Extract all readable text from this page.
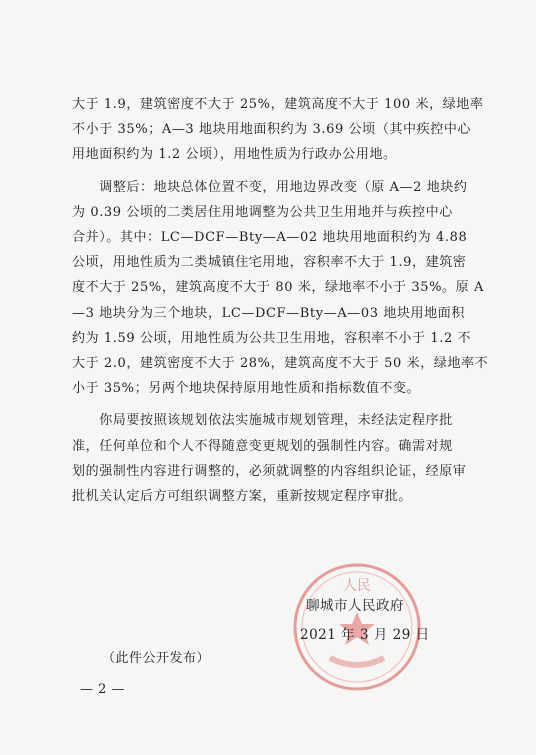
大于 1.9，建筑密度不大于 25%，建筑高度不大于 100 米，绿地率

不小于 35%；A—3 地块用地面积约为 3.69 公顷（其中疾控中心

用地面积约为 1.2 公顷），用地性质为行政办公用地。

　　调整后：地块总体位置不变，用地边界改变（原 A—2 地块约

为 0.39 公顷的二类居住用地调整为公共卫生用地并与疾控中心

合并）。其中：LC—DCF—Bty—A—02 地块用地面积约为 4.88

公顷，用地性质为二类城镇住宅用地，容积率不大于 1.9，建筑密

度不大于 25%，建筑高度不大于 80 米，绿地率不小于 35%。原 A

—3 地块分为三个地块，LC—DCF—Bty—A—03 地块用地面积

约为 1.59 公顷，用地性质为公共卫生用地，容积率不小于 1.2 不

大于 2.0，建筑密度不大于 28%，建筑高度不大于 50 米，绿地率不

小于 35%；另两个地块保持原用地性质和指标数值不变。

　　你局要按照该规划依法实施城市规划管理，未经法定程序批

准，任何单位和个人不得随意变更规划的强制性内容。确需对规

划的强制性内容进行调整的，必须就调整的内容组织论证，经原审

批机关认定后方可组织调整方案，重新按规定程序审批。

人民
聊城市人民政府
2021 年 3 月 29 日
（此件公开发布）
— 2 —
